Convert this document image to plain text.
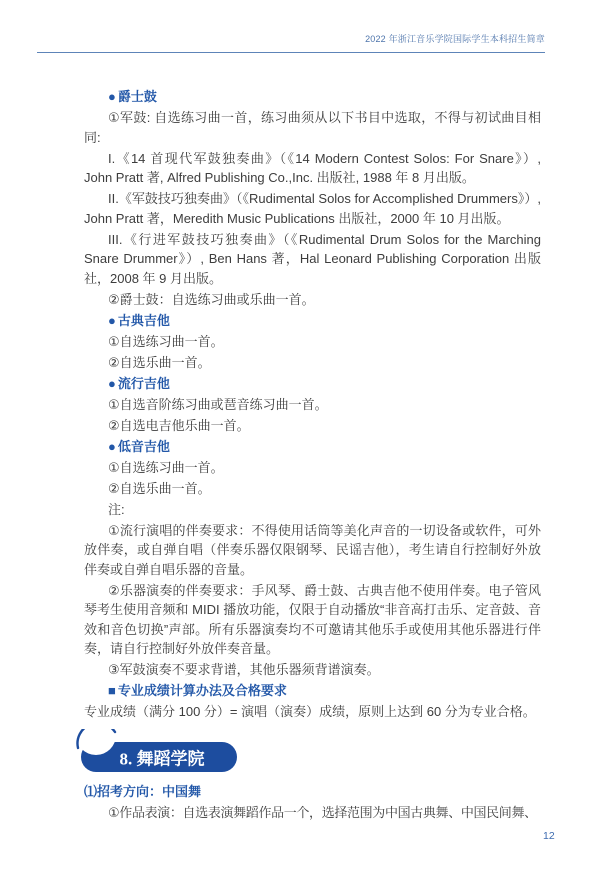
2022 年浙江音乐学院国际学生本科招生简章

● 爵士鼓

①军鼓: 自选练习曲一首，练习曲须从以下书目中选取，不得与初试曲目相同:

I.《14 首现代军鼓独奏曲》（《14 Modern Contest Solos: For Snare》）, John Pratt 著, Alfred Publishing Co.,Inc. 出版社, 1988 年 8 月出版。

II.《军鼓技巧独奏曲》（《Rudimental Solos for Accomplished Drummers》）, John Pratt 著，Meredith Music Publications 出版社，2000 年 10 月出版。

III.《行进军鼓技巧独奏曲》（《Rudimental Drum Solos for the Marching Snare Drummer》）, Ben Hans 著，Hal Leonard Publishing Corporation 出版社，2008 年 9 月出版。

②爵士鼓：自选练习曲或乐曲一首。

● 古典吉他

①自选练习曲一首。

②自选乐曲一首。

● 流行吉他

①自选音阶练习曲或琶音练习曲一首。

②自选电吉他乐曲一首。

● 低音吉他

①自选练习曲一首。

②自选乐曲一首。

注:

①流行演唱的伴奏要求：不得使用话筒等美化声音的一切设备或软件，可外放伴奏，或自弹自唱（伴奏乐器仅限钢琴、民谣吉他），考生请自行控制好外放伴奏或自弹自唱乐器的音量。

②乐器演奏的伴奏要求：手风琴、爵士鼓、古典吉他不使用伴奏。电子管风琴考生使用音频和 MIDI 播放功能，仅限于自动播放“非音高打击乐、定音鼓、音效和音色切换”声部。所有乐器演奏均不可邀请其他乐手或使用其他乐器进行伴奏，请自行控制好外放伴奏音量。

③军鼓演奏不要求背谱，其他乐器须背谱演奏。

■ 专业成绩计算办法及合格要求

专业成绩（满分 100 分）= 演唱（演奏）成绩，原则上达到 60 分为专业合格。

8. 舞蹈学院

⑴招考方向：中国舞

①作品表演：自选表演舞蹈作品一个，选择范围为中国古典舞、中国民间舞、

12
